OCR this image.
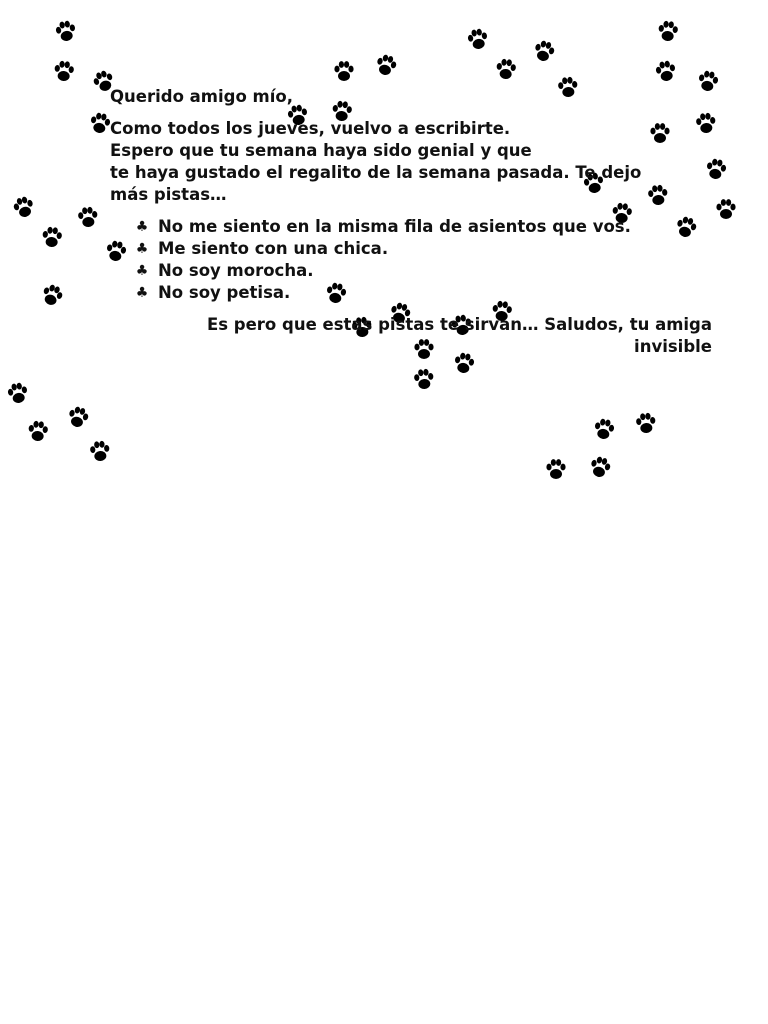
Querido amigo mío,

Como todos los jueves, vuelvo a escribirte.

Espero que tu semana haya sido genial y que

te haya gustado el regalito de la semana pasada. Te dejo

más pistas…

♣ No me siento en la misma fila de asientos que vos.
♣ Me siento con una chica.
♣ No soy morocha.
♣ No soy petisa.

Es pero que estas pistas te sirvan… Saludos, tu amiga invisible
